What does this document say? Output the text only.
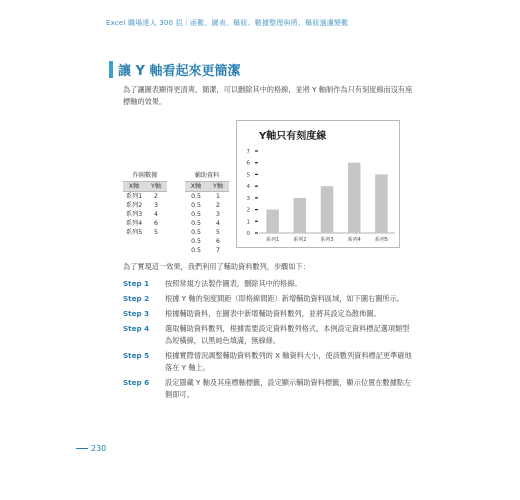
Excel 職場達人 300 招｜函數、圖表、樞紐、數據整理與將、樞紐過濾變數
讓 Y 軸看起來更簡潔
為了讓圖表顯得更清爽、簡潔，可以刪除其中的格線，並將 Y 軸制作為只有刻度線而沒有座標軸的效果。
作圖數據
X軸	Y軸
系列1	2
系列2	3
系列3	4
系列4	6
系列5	5
輔助資料
X軸	Y軸
0.5	1
0.5	2
0.5	3
0.5	4
0.5	5
0.5	6
0.5	7
Y軸只有刻度線
0
1
2
3
4
5
6
7
系列1	系列2	系列3	系列4	系列5
為了實現這一效果，我們利用了輔助資料數列，步驟如下：
Step 1	按照常規方法製作圖表，刪除其中的格線。
Step 2	根據 Y 軸的刻度間距（即格線間距）新增輔助資料區域，如下圖右圖所示。
Step 3	根據輔助資料，在圖表中新增輔助資料數列，並將其設定為散佈圖。
Step 4	選取輔助資料數列，根據需要設定資料數列格式，本例設定資料標記選項類型為短橫線，以黑純色填滿，無線條。
Step 5	根據實際情況調整輔助資料數列的 X 軸資料大小，使該數列資料標記更準確地落在 Y 軸上。
Step 6	設定隱藏 Y 軸及其座標軸標籤，設定顯示輔助資料標籤，顯示位置在數據點左側即可。
230
